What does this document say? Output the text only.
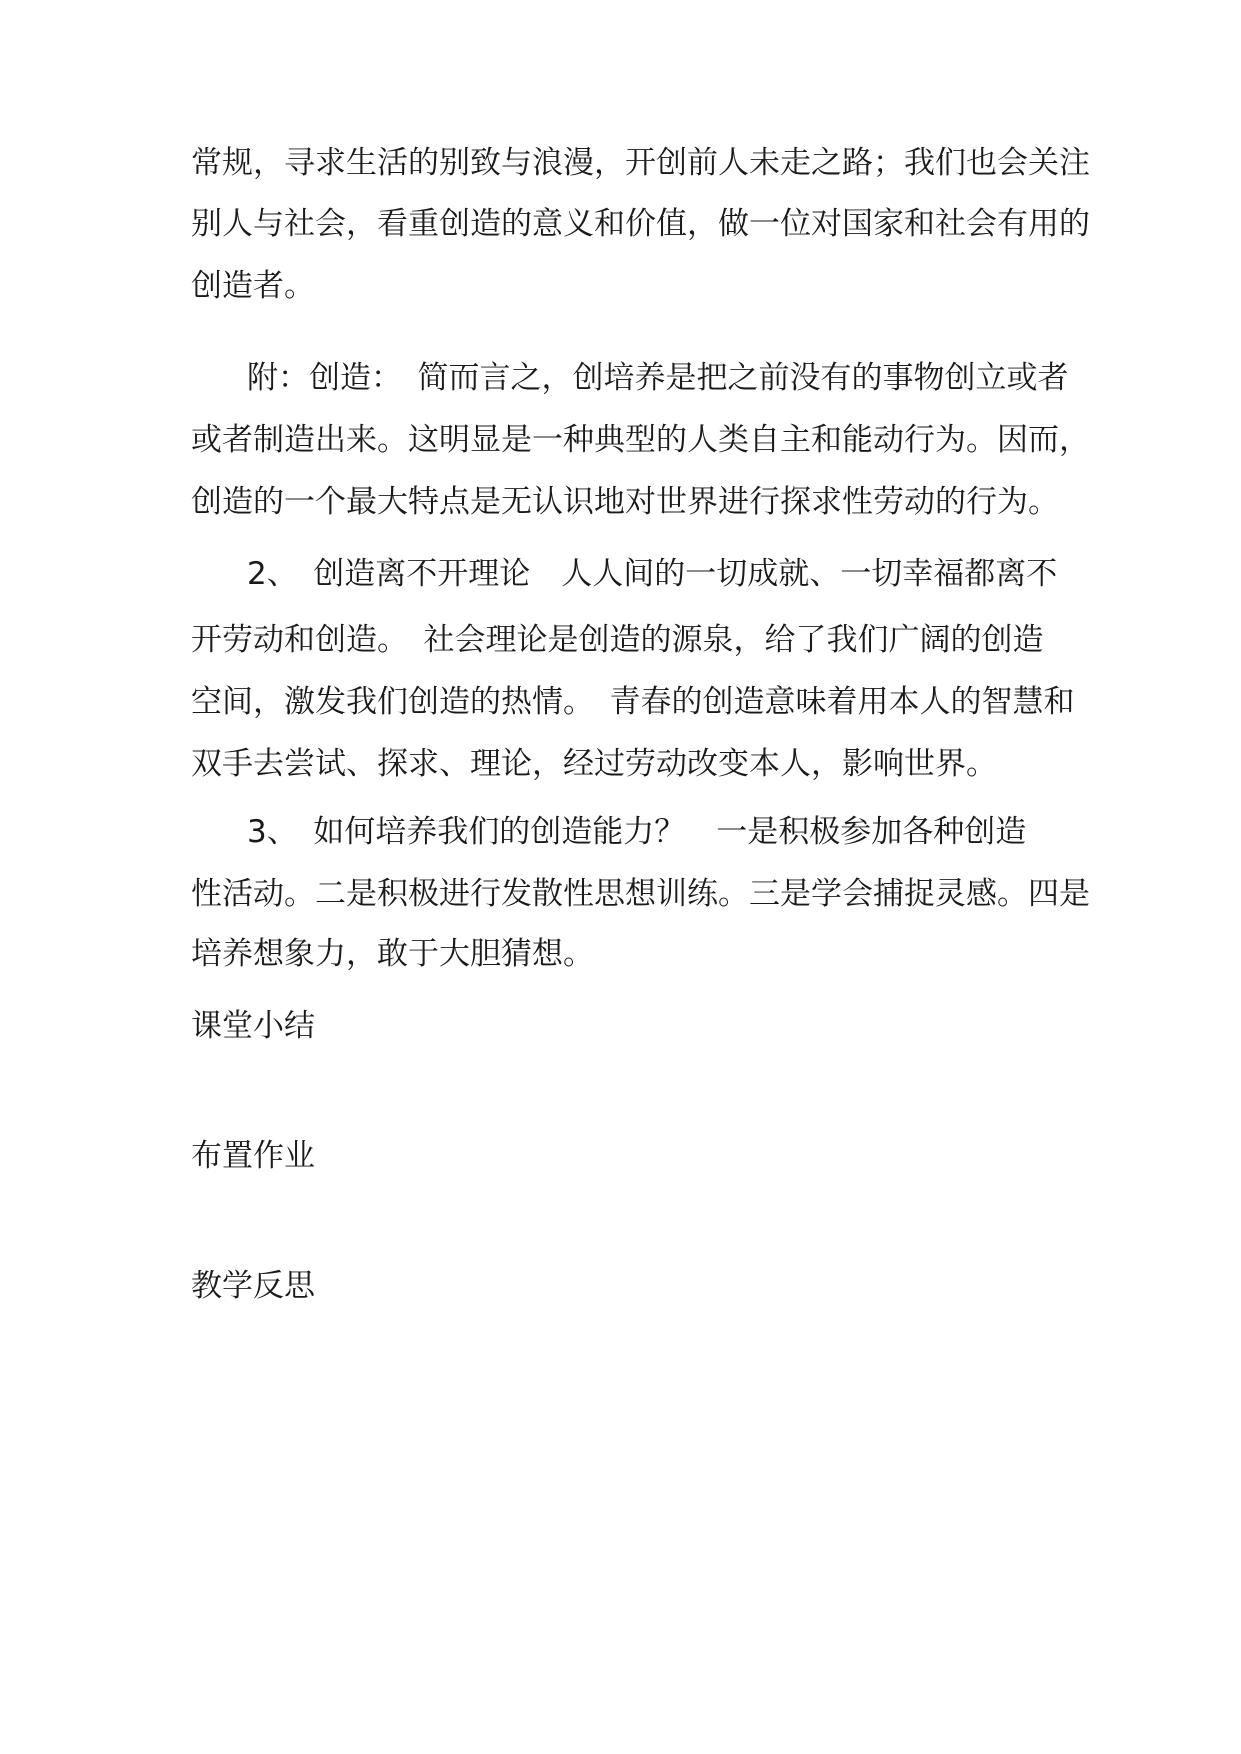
常规，寻求生活的别致与浪漫，开创前人未走之路；我们也会关注
别人与社会，看重创造的意义和价值，做一位对国家和社会有用的
创造者。
附：创造：　简而言之，创培养是把之前没有的事物创立或者
或者制造出来。这明显是一种典型的人类自主和能动行为。因而，
创造的一个最大特点是无认识地对世界进行探求性劳动的行为。
2、　创造离不开理论　人人间的一切成就、一切幸福都离不
开劳动和创造。　社会理论是创造的源泉，给了我们广阔的创造
空间，激发我们创造的热情。　青春的创造意味着用本人的智慧和
双手去尝试、探求、理论，经过劳动改变本人，影响世界。
3、　如何培养我们的创造能力？　一是积极参加各种创造
性活动。二是积极进行发散性思想训练。三是学会捕捉灵感。四是
培养想象力，敢于大胆猜想。
课堂小结
布置作业
教学反思
